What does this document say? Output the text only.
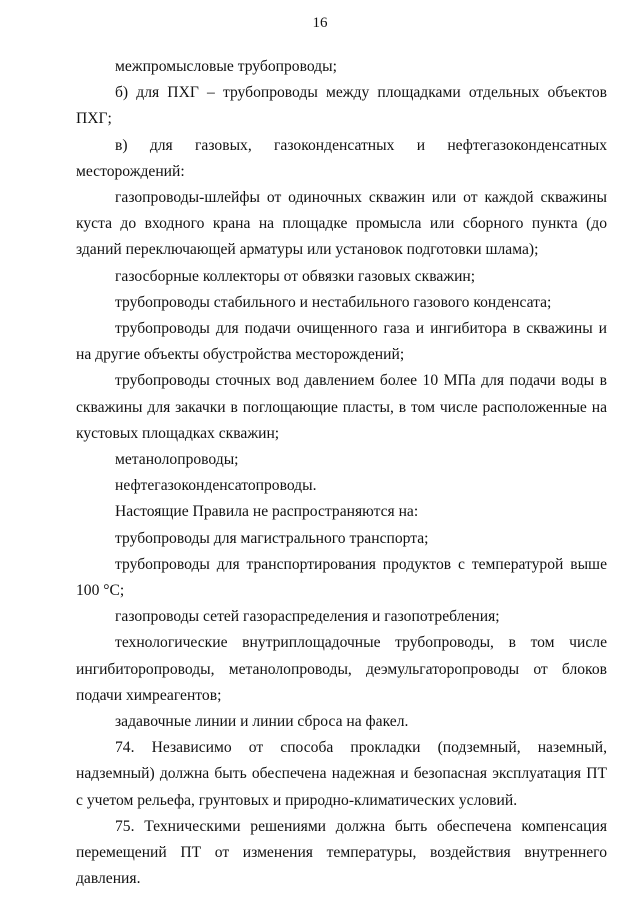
16

межпромысловые трубопроводы;

б) для ПХГ – трубопроводы между площадками отдельных объектов ПХГ;

в) для газовых, газоконденсатных и нефтегазоконденсатных месторождений:

газопроводы-шлейфы от одиночных скважин или от каждой скважины куста до входного крана на площадке промысла или сборного пункта (до зданий переключающей арматуры или установок подготовки шлама);

газосборные коллекторы от обвязки газовых скважин;

трубопроводы стабильного и нестабильного газового конденсата;

трубопроводы для подачи очищенного газа и ингибитора в скважины и на другие объекты обустройства месторождений;

трубопроводы сточных вод давлением более 10 МПа для подачи воды в скважины для закачки в поглощающие пласты, в том числе расположенные на кустовых площадках скважин;

метанолопроводы;

нефтегазоконденсатопроводы.

Настоящие Правила не распространяются на:

трубопроводы для магистрального транспорта;

трубопроводы для транспортирования продуктов с температурой выше 100 °С;

газопроводы сетей газораспределения и газопотребления;

технологические внутриплощадочные трубопроводы, в том числе ингибиторопроводы, метанолопроводы, деэмульгаторопроводы от блоков подачи химреагентов;

задавочные линии и линии сброса на факел.

74. Независимо от способа прокладки (подземный, наземный, надземный) должна быть обеспечена надежная и безопасная эксплуатация ПТ с учетом рельефа, грунтовых и природно-климатических условий.

75. Техническими решениями должна быть обеспечена компенсация перемещений ПТ от изменения температуры, воздействия внутреннего давления.
